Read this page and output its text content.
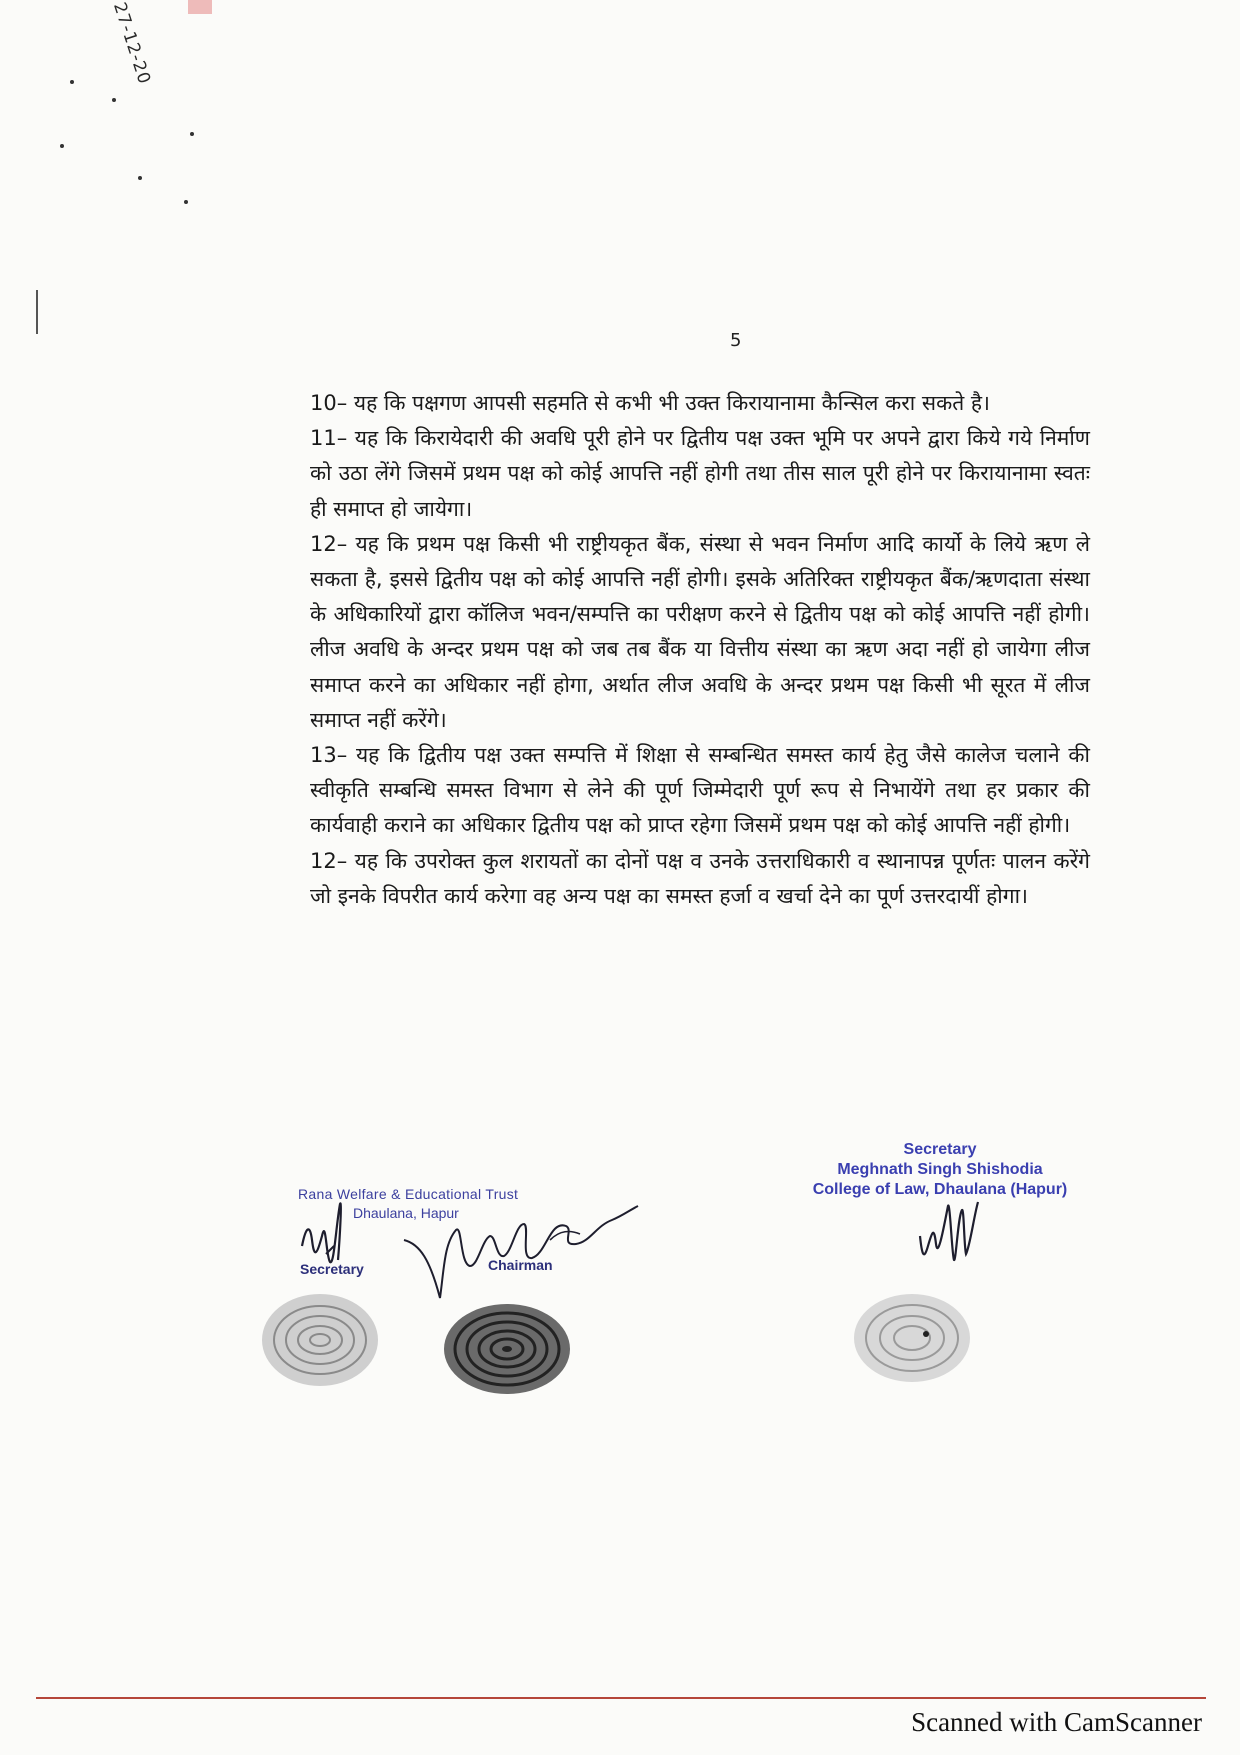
27-12-20
5

10– यह कि पक्षगण आपसी सहमति से कभी भी उक्त किरायानामा कैन्सिल करा सकते है।

11– यह कि किरायेदारी की अवधि पूरी होने पर द्वितीय पक्ष उक्त भूमि पर अपने द्वारा किये गये निर्माण को उठा लेंगे जिसमें प्रथम पक्ष को कोई आपत्ति नहीं होगी तथा तीस साल पूरी होने पर किरायानामा स्वतः ही समाप्त हो जायेगा।

12– यह कि प्रथम पक्ष किसी भी राष्ट्रीयकृत बैंक, संस्था से भवन निर्माण आदि कार्यो के लिये ऋण ले सकता है, इससे द्वितीय पक्ष को कोई आपत्ति नहीं होगी। इसके अतिरिक्त राष्ट्रीयकृत बैंक/ऋणदाता संस्था के अधिकारियों द्वारा कॉलिज भवन/सम्पत्ति का परीक्षण करने से द्वितीय पक्ष को कोई आपत्ति नहीं होगी। लीज अवधि के अन्दर प्रथम पक्ष को जब तब बैंक या वित्तीय संस्था का ऋण अदा नहीं हो जायेगा लीज समाप्त करने का अधिकार नहीं होगा, अर्थात लीज अवधि के अन्दर प्रथम पक्ष किसी भी सूरत में लीज समाप्त नहीं करेंगे।

13– यह कि द्वितीय पक्ष उक्त सम्पत्ति में शिक्षा से सम्बन्धित समस्त कार्य हेतु जैसे कालेज चलाने की स्वीकृति सम्बन्धि समस्त विभाग से लेने की पूर्ण जिम्मेदारी पूर्ण रूप से निभायेंगे तथा हर प्रकार की कार्यवाही कराने का अधिकार द्वितीय पक्ष को प्राप्त रहेगा जिसमें प्रथम पक्ष को कोई आपत्ति नहीं होगी।

12– यह कि उपरोक्त कुल शरायतों का दोनों पक्ष व उनके उत्तराधिकारी व स्थानापन्न पूर्णतः पालन करेंगे जो इनके विपरीत कार्य करेगा वह अन्य पक्ष का समस्त हर्जा व खर्चा देने का पूर्ण उत्तरदायीं होगा।

Rana Welfare & Educational Trust
Dhaulana, Hapur
Secretary	Chairman
Secretary
Meghnath Singh Shishodia
College of Law, Dhaulana (Hapur)
Scanned with CamScanner
